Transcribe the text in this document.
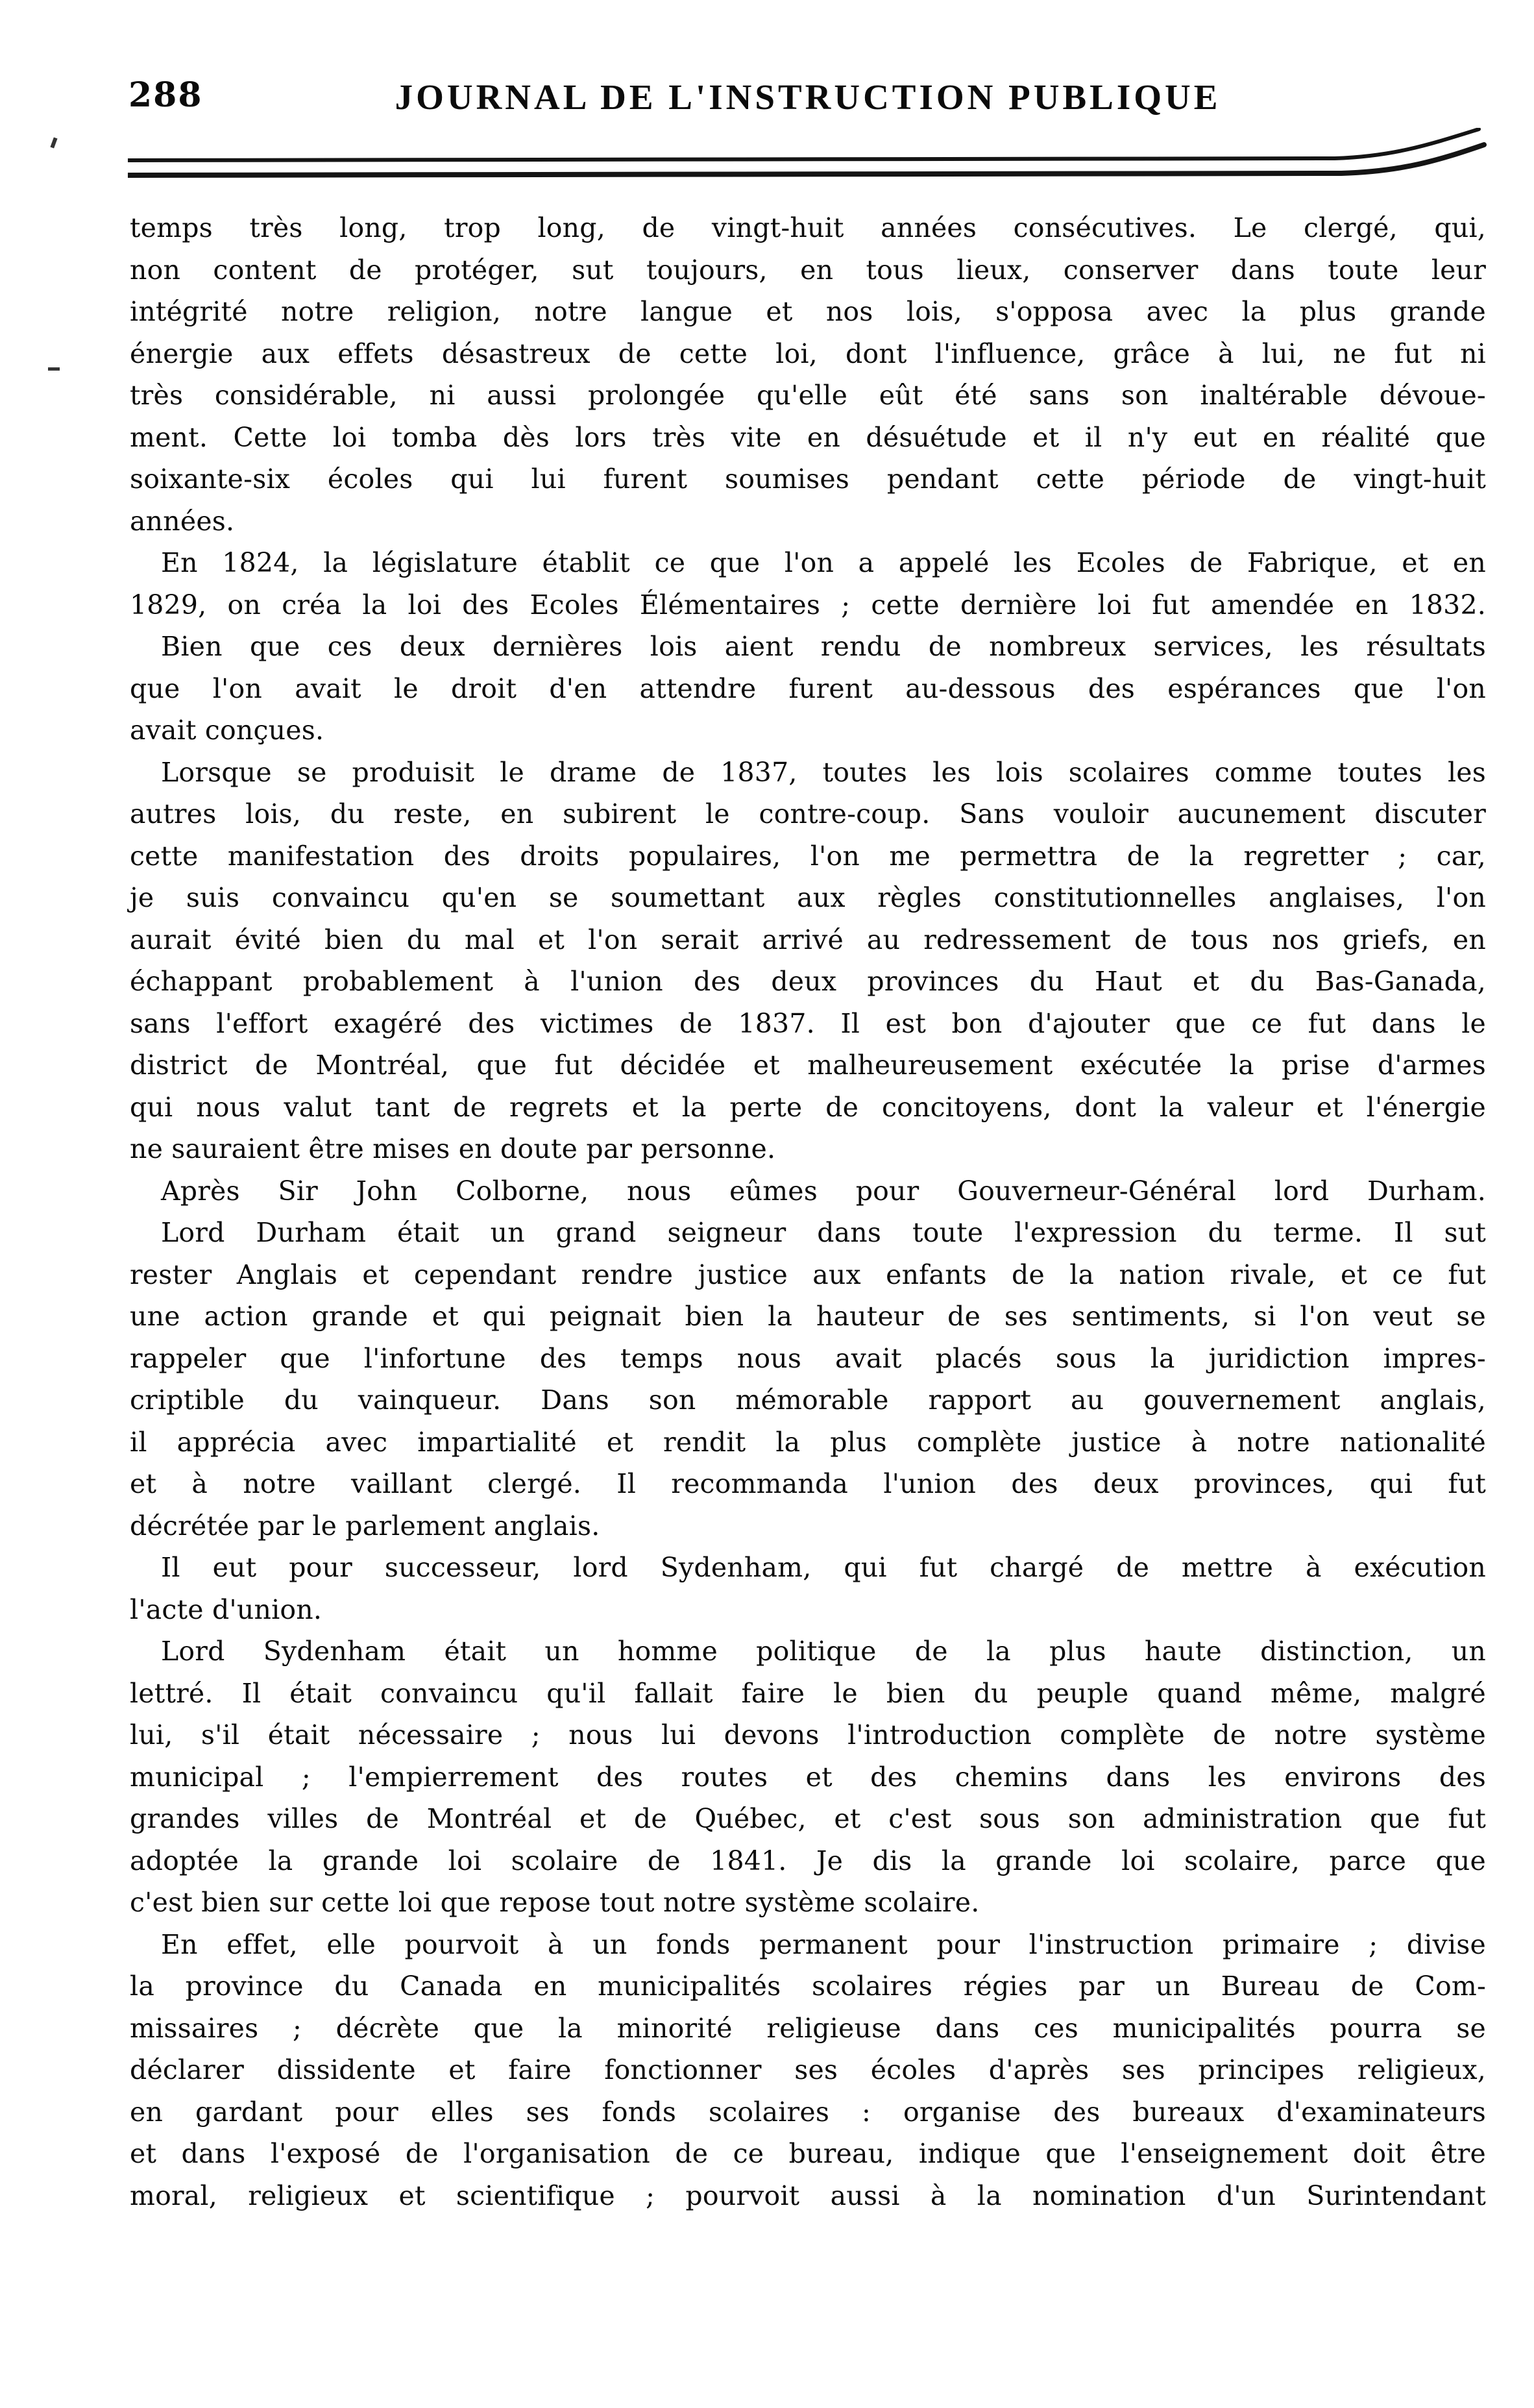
288	JOURNAL DE L'INSTRUCTION PUBLIQUE
temps très long, trop long, de vingt-huit années consécutives. Le clergé, qui,
non content de protéger, sut toujours, en tous lieux, conserver dans toute leur
intégrité notre religion, notre langue et nos lois, s'opposa avec la plus grande
énergie aux effets désastreux de cette loi, dont l'influence, grâce à lui, ne fut ni
très considérable, ni aussi prolongée qu'elle eût été sans son inaltérable dévoue-
ment. Cette loi tomba dès lors très vite en désuétude et il n'y eut en réalité que
soixante-six écoles qui lui furent soumises pendant cette période de vingt-huit
années.
En 1824, la législature établit ce que l'on a appelé les Ecoles de Fabrique, et en
1829, on créa la loi des Ecoles Élémentaires ; cette dernière loi fut amendée en 1832.
Bien que ces deux dernières lois aient rendu de nombreux services, les résultats
que l'on avait le droit d'en attendre furent au-dessous des espérances que l'on
avait conçues.
Lorsque se produisit le drame de 1837, toutes les lois scolaires comme toutes les
autres lois, du reste, en subirent le contre-coup. Sans vouloir aucunement discuter
cette manifestation des droits populaires, l'on me permettra de la regretter ; car,
je suis convaincu qu'en se soumettant aux règles constitutionnelles anglaises, l'on
aurait évité bien du mal et l'on serait arrivé au redressement de tous nos griefs, en
échappant probablement à l'union des deux provinces du Haut et du Bas-Ganada,
sans l'effort exagéré des victimes de 1837. Il est bon d'ajouter que ce fut dans le
district de Montréal, que fut décidée et malheureusement exécutée la prise d'armes
qui nous valut tant de regrets et la perte de concitoyens, dont la valeur et l'énergie
ne sauraient être mises en doute par personne.
Après Sir John Colborne, nous eûmes pour Gouverneur-Général lord Durham.
Lord Durham était un grand seigneur dans toute l'expression du terme. Il sut
rester Anglais et cependant rendre justice aux enfants de la nation rivale, et ce fut
une action grande et qui peignait bien la hauteur de ses sentiments, si l'on veut se
rappeler que l'infortune des temps nous avait placés sous la juridiction impres-
criptible du vainqueur. Dans son mémorable rapport au gouvernement anglais,
il apprécia avec impartialité et rendit la plus complète justice à notre nationalité
et à notre vaillant clergé. Il recommanda l'union des deux provinces, qui fut
décrétée par le parlement anglais.
Il eut pour successeur, lord Sydenham, qui fut chargé de mettre à exécution
l'acte d'union.
Lord Sydenham était un homme politique de la plus haute distinction, un
lettré. Il était convaincu qu'il fallait faire le bien du peuple quand même, malgré
lui, s'il était nécessaire ; nous lui devons l'introduction complète de notre système
municipal ; l'empierrement des routes et des chemins dans les environs des
grandes villes de Montréal et de Québec, et c'est sous son administration que fut
adoptée la grande loi scolaire de 1841. Je dis la grande loi scolaire, parce que
c'est bien sur cette loi que repose tout notre système scolaire.
En effet, elle pourvoit à un fonds permanent pour l'instruction primaire ; divise
la province du Canada en municipalités scolaires régies par un Bureau de Com-
missaires ; décrète que la minorité religieuse dans ces municipalités pourra se
déclarer dissidente et faire fonctionner ses écoles d'après ses principes religieux,
en gardant pour elles ses fonds scolaires : organise des bureaux d'examinateurs
et dans l'exposé de l'organisation de ce bureau, indique que l'enseignement doit être
moral, religieux et scientifique ; pourvoit aussi à la nomination d'un Surintendant
